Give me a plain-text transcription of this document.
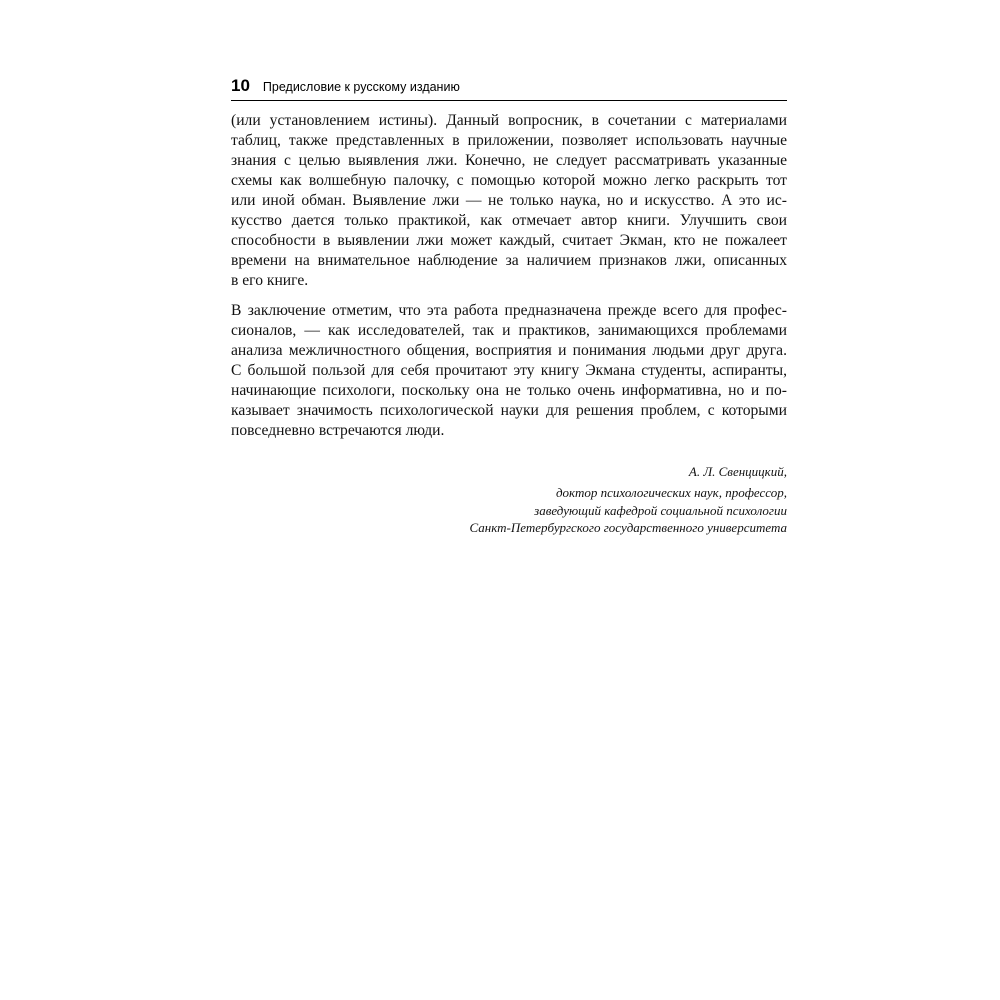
10 Предисловие к русскому изданию
(или установлением истины). Данный вопросник, в сочетании с материалами
таблиц, также представленных в приложении, позволяет использовать научные
знания с целью выявления лжи. Конечно, не следует рассматривать указанные
схемы как волшебную палочку, с помощью которой можно легко раскрыть тот
или иной обман. Выявление лжи — не только наука, но и искусство. А это ис-
кусство дается только практикой, как отмечает автор книги. Улучшить свои
способности в выявлении лжи может каждый, считает Экман, кто не пожалеет
времени на внимательное наблюдение за наличием признаков лжи, описанных
в его книге.
В заключение отметим, что эта работа предназначена прежде всего для профес-
сионалов, — как исследователей, так и практиков, занимающихся проблемами
анализа межличностного общения, восприятия и понимания людьми друг друга.
С большой пользой для себя прочитают эту книгу Экмана студенты, аспиранты,
начинающие психологи, поскольку она не только очень информативна, но и по-
казывает значимость психологической науки для решения проблем, с которыми
повседневно встречаются люди.
А. Л. Свенцицкий,
доктор психологических наук, профессор,
заведующий кафедрой социальной психологии
Санкт-Петербургского государственного университета
